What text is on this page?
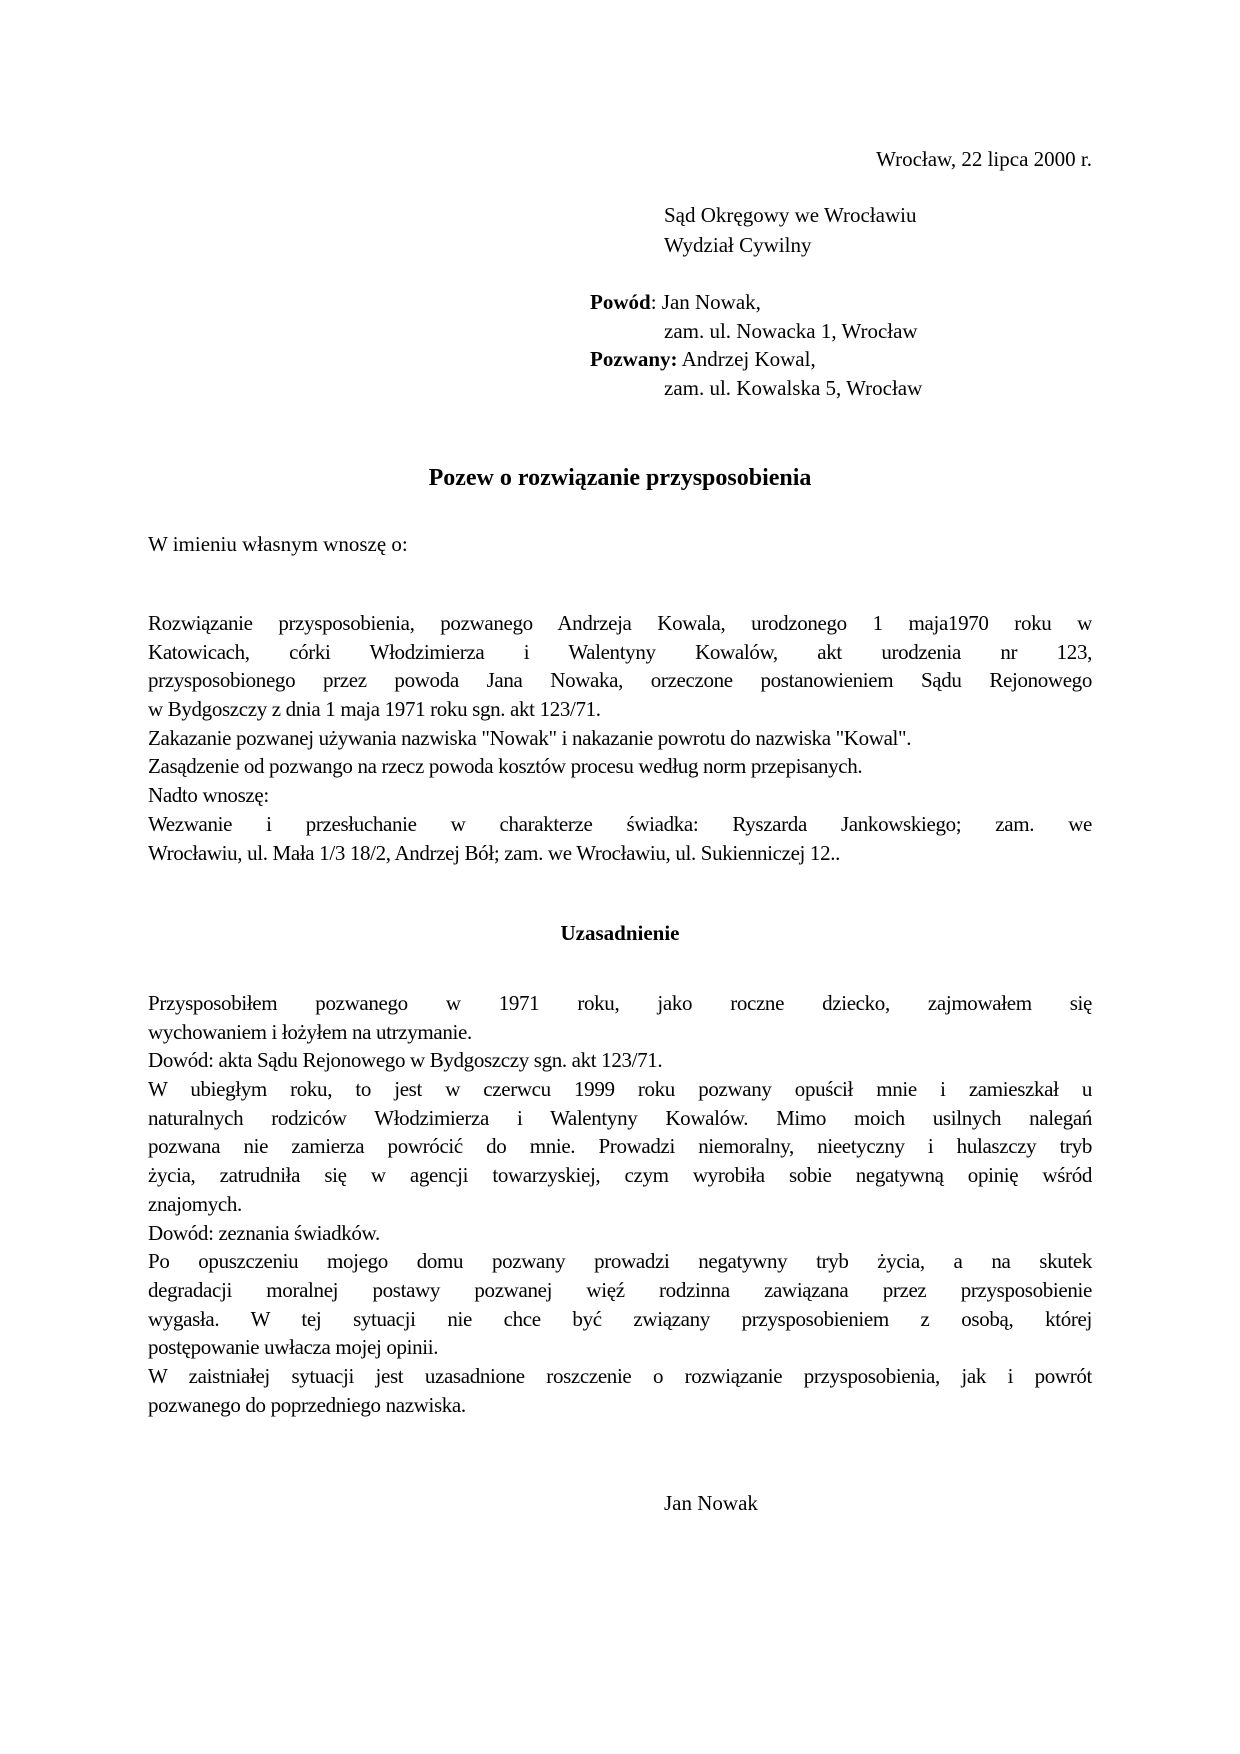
Wrocław, 22 lipca 2000 r.
Sąd Okręgowy we Wrocławiu
Wydział Cywilny
Powód: Jan Nowak,
zam. ul. Nowacka 1, Wrocław
Pozwany: Andrzej Kowal,
zam. ul. Kowalska 5, Wrocław
Pozew o rozwiązanie przysposobienia
W imieniu własnym wnoszę o:
Rozwiązanie przysposobienia, pozwanego Andrzeja Kowala, urodzonego 1 maja1970 roku w
Katowicach, córki Włodzimierza i Walentyny Kowalów, akt urodzenia nr 123,
przysposobionego przez powoda Jana Nowaka, orzeczone postanowieniem Sądu Rejonowego
w Bydgoszczy z dnia 1 maja 1971 roku sgn. akt 123/71.
Zakazanie pozwanej używania nazwiska "Nowak" i nakazanie powrotu do nazwiska "Kowal".
Zasądzenie od pozwango na rzecz powoda kosztów procesu według norm przepisanych.
Nadto wnoszę:
Wezwanie i przesłuchanie w charakterze świadka: Ryszarda Jankowskiego; zam. we
Wrocławiu, ul. Mała 1/3 18/2, Andrzej Bół; zam. we Wrocławiu, ul. Sukienniczej 12..
Uzasadnienie
Przysposobiłem pozwanego w 1971 roku, jako roczne dziecko, zajmowałem się
wychowaniem i łożyłem na utrzymanie.
Dowód: akta Sądu Rejonowego w Bydgoszczy sgn. akt 123/71.
W ubiegłym roku, to jest w czerwcu 1999 roku pozwany opuścił mnie i zamieszkał u
naturalnych rodziców Włodzimierza i Walentyny Kowalów. Mimo moich usilnych nalegań
pozwana nie zamierza powrócić do mnie. Prowadzi niemoralny, nieetyczny i hulaszczy tryb
życia, zatrudniła się w agencji towarzyskiej, czym wyrobiła sobie negatywną opinię wśród
znajomych.
Dowód: zeznania świadków.
Po opuszczeniu mojego domu pozwany prowadzi negatywny tryb życia, a na skutek
degradacji moralnej postawy pozwanej więź rodzinna zawiązana przez przysposobienie
wygasła. W tej sytuacji nie chce być związany przysposobieniem z osobą, której
postępowanie uwłacza mojej opinii.
W zaistniałej sytuacji jest uzasadnione roszczenie o rozwiązanie przysposobienia, jak i powrót
pozwanego do poprzedniego nazwiska.
Jan Nowak
